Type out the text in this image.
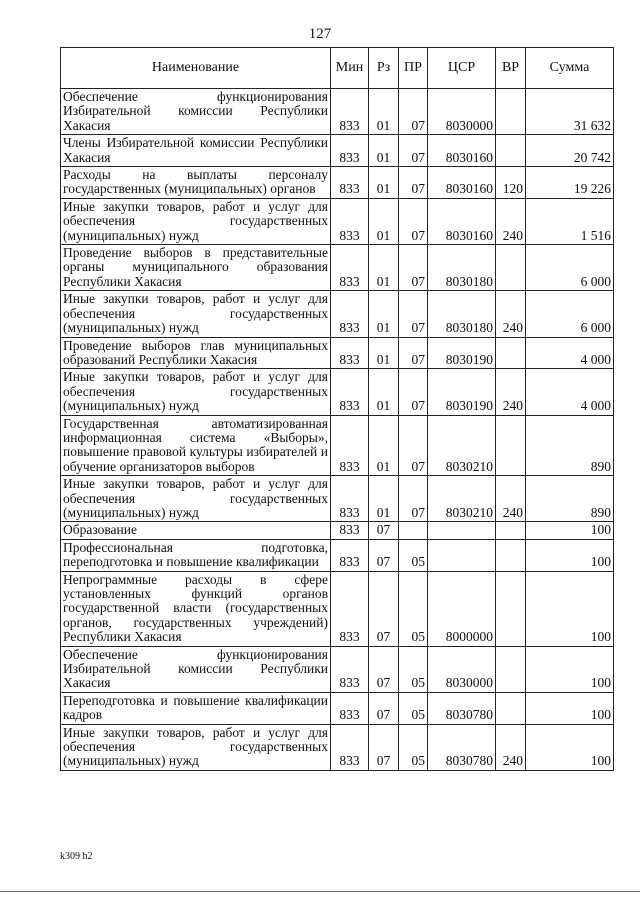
127
Наименование	Мин	Рз	ПР	ЦСР	ВР	Сумма
Обеспечение функционирования Избирательной комиссии Республики Хакасия	833	01	07	8030000		31 632
Члены Избирательной комиссии Республики Хакасия	833	01	07	8030160		20 742
Расходы на выплаты персоналу государственных (муниципальных) органов	833	01	07	8030160	120	19 226
Иные закупки товаров, работ и услуг для обеспечения государственных (муниципальных) нужд	833	01	07	8030160	240	1 516
Проведение выборов в представительные органы муниципального образования Республики Хакасия	833	01	07	8030180		6 000
Иные закупки товаров, работ и услуг для обеспечения государственных (муниципальных) нужд	833	01	07	8030180	240	6 000
Проведение выборов глав муниципальных образований Республики Хакасия	833	01	07	8030190		4 000
Иные закупки товаров, работ и услуг для обеспечения государственных (муниципальных) нужд	833	01	07	8030190	240	4 000
Государственная автоматизированная информационная система «Выборы», повышение правовой культуры избирателей и обучение организаторов выборов	833	01	07	8030210		890
Иные закупки товаров, работ и услуг для обеспечения государственных (муниципальных) нужд	833	01	07	8030210	240	890
Образование	833	07				100
Профессиональная подготовка, переподготовка и повышение квалификации	833	07	05			100
Непрограммные расходы в сфере установленных функций органов государственной власти (государственных органов, государственных учреждений) Республики Хакасия	833	07	05	8000000		100
Обеспечение функционирования Избирательной комиссии Республики Хакасия	833	07	05	8030000		100
Переподготовка и повышение квалификации кадров	833	07	05	8030780		100
Иные закупки товаров, работ и услуг для обеспечения государственных (муниципальных) нужд	833	07	05	8030780	240	100
k309 h2
